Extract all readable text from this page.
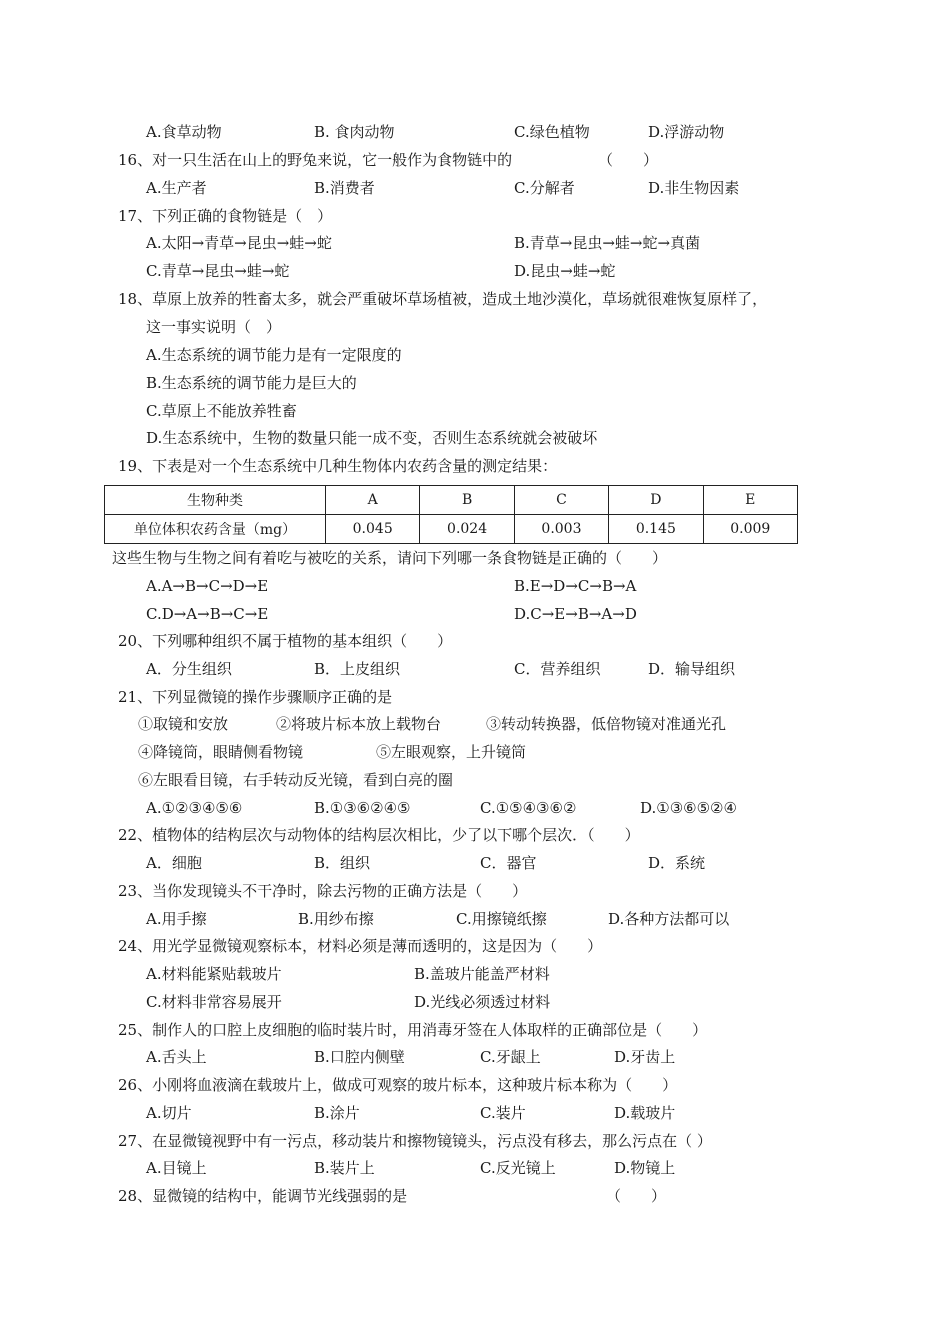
A.食草动物	B. 食肉动物	C.绿色植物	D.浮游动物
16、对一只生活在山上的野兔来说，它一般作为食物链中的	（　　）
A.生产者	B.消费者	C.分解者	D.非生物因素
17、下列正确的食物链是（　）
A.太阳→青草→昆虫→蛙→蛇	B.青草→昆虫→蛙→蛇→真菌
C.青草→昆虫→蛙→蛇	D.昆虫→蛙→蛇
18、草原上放养的牲畜太多，就会严重破坏草场植被，造成土地沙漠化，草场就很难恢复原样了，
这一事实说明（　）
A.生态系统的调节能力是有一定限度的
B.生态系统的调节能力是巨大的
C.草原上不能放养牲畜
D.生态系统中，生物的数量只能一成不变，否则生态系统就会被破坏
19、下表是对一个生态系统中几种生物体内农药含量的测定结果：
生物种类	A	B	C	D	E
单位体积农药含量（mg）	0.045	0.024	0.003	0.145	0.009
这些生物与生物之间有着吃与被吃的关系，请问下列哪一条食物链是正确的（　　）
A.A→B→C→D→E	B.E→D→C→B→A
C.D→A→B→C→E	D.C→E→B→A→D
20、下列哪种组织不属于植物的基本组织（　　）
A．分生组织	B．上皮组织	C．营养组织	D．输导组织
21、下列显微镜的操作步骤顺序正确的是
①取镜和安放	②将玻片标本放上载物台	③转动转换器，低倍物镜对准通光孔
④降镜筒，眼睛侧看物镜	⑤左眼观察，上升镜筒
⑥左眼看目镜，右手转动反光镜，看到白亮的圈
A.①②③④⑤⑥	B.①③⑥②④⑤	C.①⑤④③⑥②	D.①③⑥⑤②④
22、植物体的结构层次与动物体的结构层次相比，少了以下哪个层次．（　　）
A．细胞	B．组织	C．器官	D．系统
23、当你发现镜头不干净时，除去污物的正确方法是（　　）
A.用手擦	B.用纱布擦	C.用擦镜纸擦	D.各种方法都可以
24、用光学显微镜观察标本，材料必须是薄而透明的，这是因为（　　）
A.材料能紧贴载玻片	B.盖玻片能盖严材料
C.材料非常容易展开	D.光线必须透过材料
25、制作人的口腔上皮细胞的临时装片时，用消毒牙签在人体取样的正确部位是（　　）
A.舌头上	B.口腔内侧壁	C.牙龈上	D.牙齿上
26、小刚将血液滴在载玻片上，做成可观察的玻片标本，这种玻片标本称为（　　）
A.切片	B.涂片	C.装片	D.载玻片
27、在显微镜视野中有一污点，移动装片和擦物镜镜头，污点没有移去，那么污点在（ ）
A.目镜上	B.装片上	C.反光镜上	D.物镜上
28、显微镜的结构中，能调节光线强弱的是	（　　）
